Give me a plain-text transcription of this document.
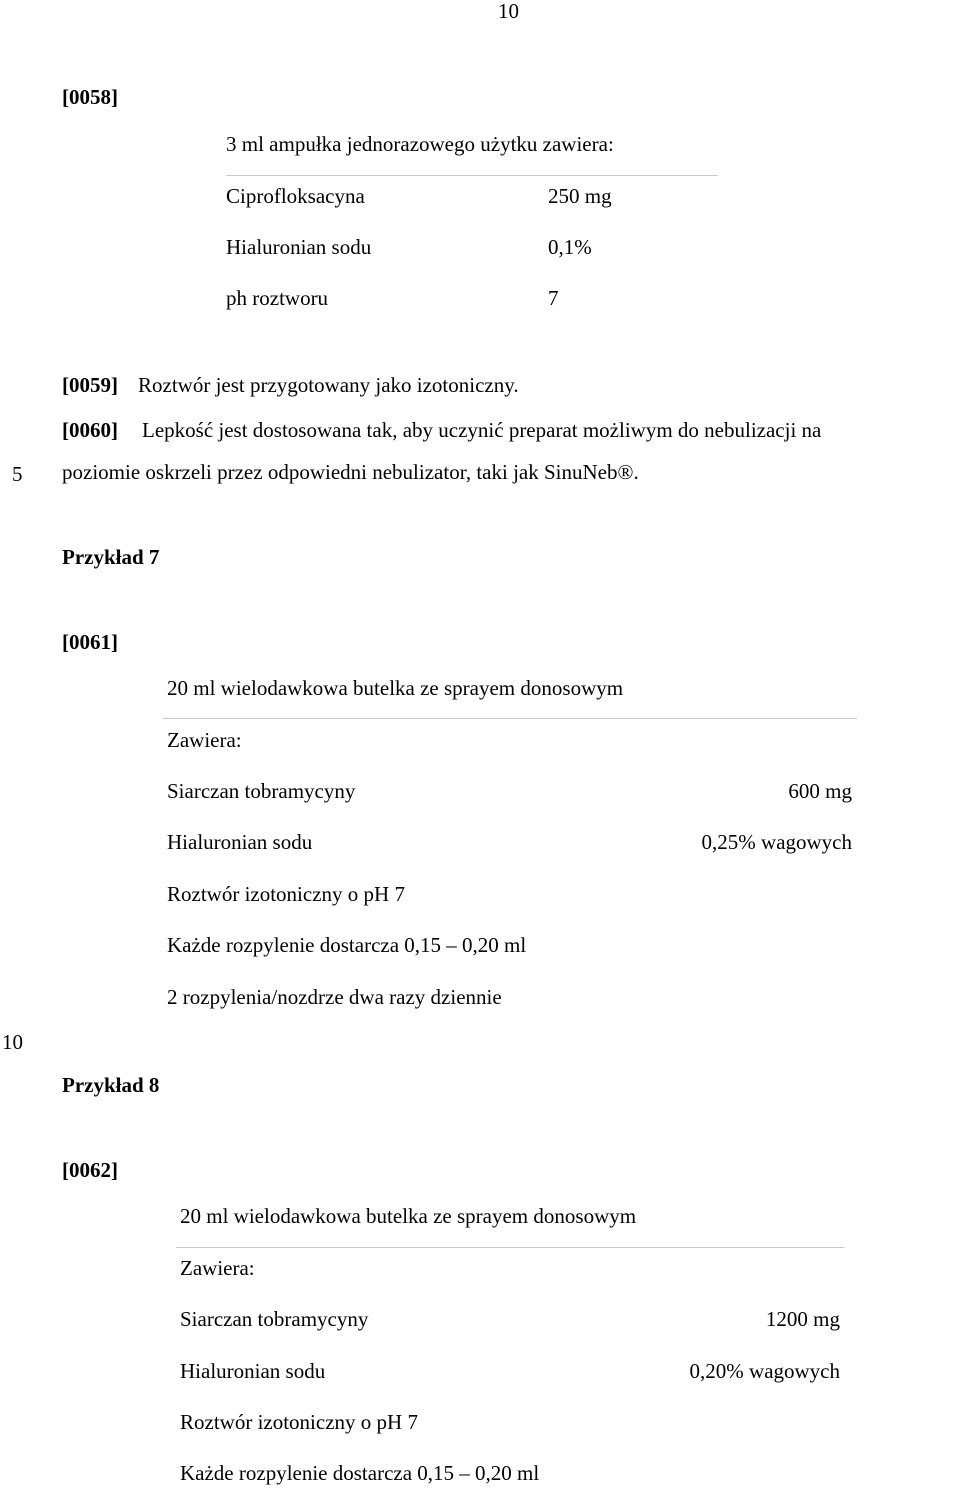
10
[0058]
3 ml ampułka jednorazowego użytku zawiera:
Ciprofloksacyna	250 mg
Hialuronian sodu	0,1%
ph roztworu	7
[0059] Roztwór jest przygotowany jako izotoniczny.
[0060] Lepkość jest dostosowana tak, aby uczynić preparat możliwym do nebulizacji na
5 poziomie oskrzeli przez odpowiedni nebulizator, taki jak SinuNeb®.
Przykład 7
[0061]
20 ml wielodawkowa butelka ze sprayem donosowym
Zawiera:
Siarczan tobramycyny	600 mg
Hialuronian sodu	0,25% wagowych
Roztwór izotoniczny o pH 7
Każde rozpylenie dostarcza 0,15 – 0,20 ml
2 rozpylenia/nozdrze dwa razy dziennie
10
Przykład 8
[0062]
20 ml wielodawkowa butelka ze sprayem donosowym
Zawiera:
Siarczan tobramycyny	1200 mg
Hialuronian sodu	0,20% wagowych
Roztwór izotoniczny o pH 7
Każde rozpylenie dostarcza 0,15 – 0,20 ml
